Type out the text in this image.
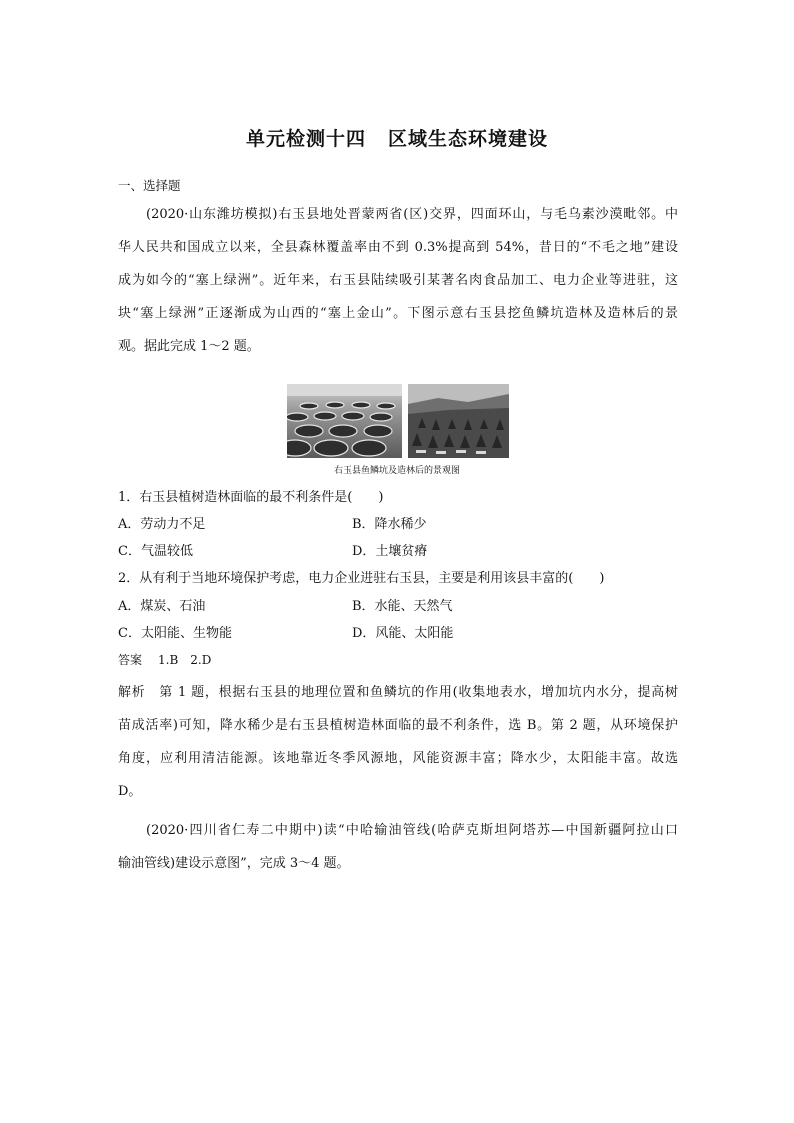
单元检测十四 区域生态环境建设
一、选择题
(2020·山东潍坊模拟)右玉县地处晋蒙两省(区)交界，四面环山，与毛乌素沙漠毗邻。中
华人民共和国成立以来，全县森林覆盖率由不到 0.3%提高到 54%，昔日的“不毛之地”建设
成为如今的“塞上绿洲”。近年来，右玉县陆续吸引某著名肉食品加工、电力企业等进驻，这
块“塞上绿洲”正逐渐成为山西的“塞上金山”。下图示意右玉县挖鱼鳞坑造林及造林后的景
观。据此完成 1～2 题。
右玉县鱼鳞坑及造林后的景观图
1．右玉县植树造林面临的最不利条件是(　　)
A．劳动力不足	B．降水稀少
C．气温较低	D．土壤贫瘠
2．从有利于当地环境保护考虑，电力企业进驻右玉县，主要是利用该县丰富的(　　)
A．煤炭、石油	B．水能、天然气
C．太阳能、生物能	D．风能、太阳能
答案 1.B　2.D
解析　第 1 题，根据右玉县的地理位置和鱼鳞坑的作用(收集地表水，增加坑内水分，提高树
苗成活率)可知，降水稀少是右玉县植树造林面临的最不利条件，选 B。第 2 题，从环境保护
角度，应利用清洁能源。该地靠近冬季风源地，风能资源丰富；降水少，太阳能丰富。故选
D。
(2020·四川省仁寿二中期中)读“中哈输油管线(哈萨克斯坦阿塔苏—中国新疆阿拉山口
输油管线)建设示意图”，完成 3～4 题。
